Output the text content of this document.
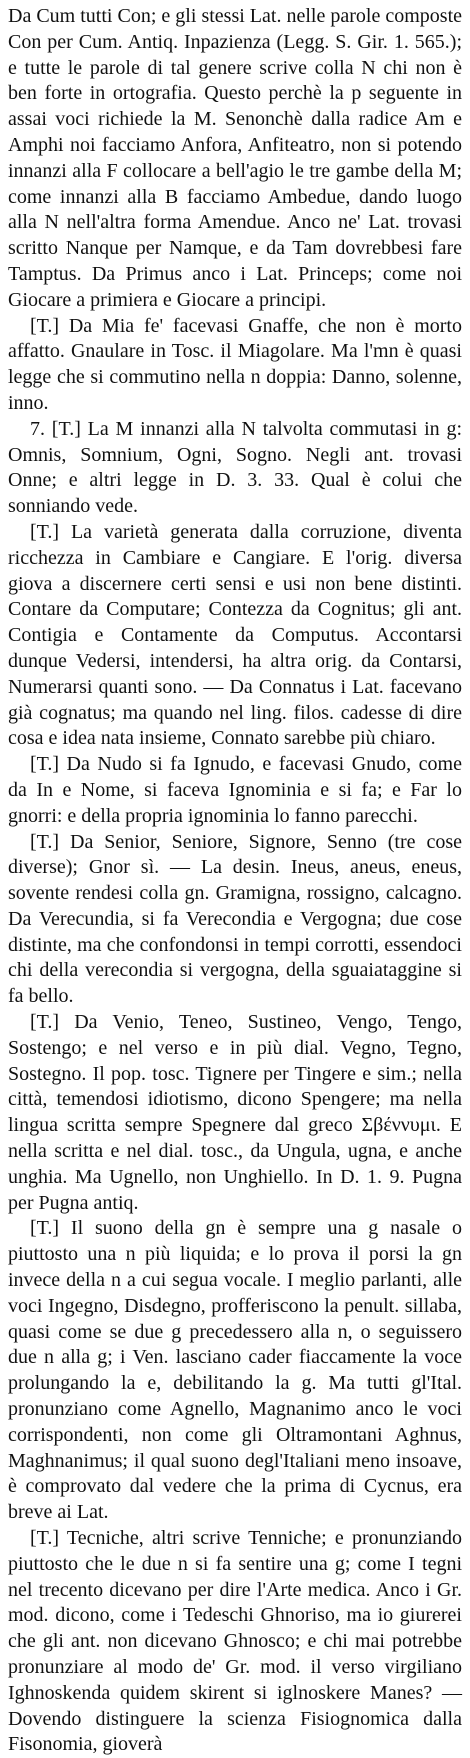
Da Cum tutti Con; e gli stessi Lat. nelle parole composte Con per Cum. Antiq. Inpazienza (Legg. S. Gir. 1. 565.); e tutte le parole di tal genere scrive colla N chi non è ben forte in ortografia. Questo perchè la p seguente in assai voci richiede la M. Senonchè dalla radice Am e Amphi noi facciamo Anfora, Anfiteatro, non si potendo innanzi alla F collocare a bell'agio le tre gambe della M; come innanzi alla B facciamo Ambedue, dando luogo alla N nell'altra forma Amendue. Anco ne' Lat. trovasi scritto Nanque per Namque, e da Tam dovrebbesi fare Tamptus. Da Primus anco i Lat. Princeps; come noi Giocare a primiera e Giocare a principi.

[T.] Da Mia fe' facevasi Gnaffe, che non è morto affatto. Gnaulare in Tosc. il Miagolare. Ma l'mn è quasi legge che si commutino nella n doppia: Danno, solenne, inno.

7. [T.] La M innanzi alla N talvolta commutasi in g: Omnis, Somnium, Ogni, Sogno. Negli ant. trovasi Onne; e altri legge in D. 3. 33. Qual è colui che sonniando vede.

[T.] La varietà generata dalla corruzione, diventa ricchezza in Cambiare e Cangiare. E l'orig. diversa giova a discernere certi sensi e usi non bene distinti. Contare da Computare; Contezza da Cognitus; gli ant. Contigia e Contamente da Computus. Accontarsi dunque Vedersi, intendersi, ha altra orig. da Contarsi, Numerarsi quanti sono. — Da Connatus i Lat. facevano già cognatus; ma quando nel ling. filos. cadesse di dire cosa e idea nata insieme, Connato sarebbe più chiaro.

[T.] Da Nudo si fa Ignudo, e facevasi Gnudo, come da In e Nome, si faceva Ignominia e si fa; e Far lo gnorri: e della propria ignominia lo fanno parecchi.

[T.] Da Senior, Seniore, Signore, Senno (tre cose diverse); Gnor sì. — La desin. Ineus, aneus, eneus, sovente rendesi colla gn. Gramigna, rossigno, calcagno. Da Verecundia, si fa Verecondia e Vergogna; due cose distinte, ma che confondonsi in tempi corrotti, essendoci chi della verecondia si vergogna, della sguaiataggine si fa bello.

[T.] Da Venio, Teneo, Sustineo, Vengo, Tengo, Sostengo; e nel verso e in più dial. Vegno, Tegno, Sostegno. Il pop. tosc. Tignere per Tingere e sim.; nella città, temendosi idiotismo, dicono Spengere; ma nella lingua scritta sempre Spegnere dal greco Σβέννυμι. E nella scritta e nel dial. tosc., da Ungula, ugna, e anche unghia. Ma Ugnello, non Unghiello. In D. 1. 9. Pugna per Pugna antiq.

[T.] Il suono della gn è sempre una g nasale o piuttosto una n più liquida; e lo prova il porsi la gn invece della n a cui segua vocale. I meglio parlanti, alle voci Ingegno, Disdegno, profferiscono la penult. sillaba, quasi come se due g precedessero alla n, o seguissero due n alla g; i Ven. lasciano cader fiaccamente la voce prolungando la e, debilitando la g. Ma tutti gl'Ital. pronunziano come Agnello, Magnanimo anco le voci corrispondenti, non come gli Oltramontani Aghnus, Maghnanimus; il qual suono degl'Italiani meno insoave, è comprovato dal vedere che la prima di Cycnus, era breve ai Lat.

[T.] Tecniche, altri scrive Tenniche; e pronunziando piuttosto che le due n si fa sentire una g; come I tegni nel trecento dicevano per dire l'Arte medica. Anco i Gr. mod. dicono, come i Tedeschi Ghnoriso, ma io giurerei che gli ant. non dicevano Ghnosco; e chi mai potrebbe pronunziare al modo de' Gr. mod. il verso virgiliano Ighnoskenda quidem skirent si iglnoskere Manes? — Dovendo distinguere la scienza Fisiognomica dalla Fisonomia, gioverà
